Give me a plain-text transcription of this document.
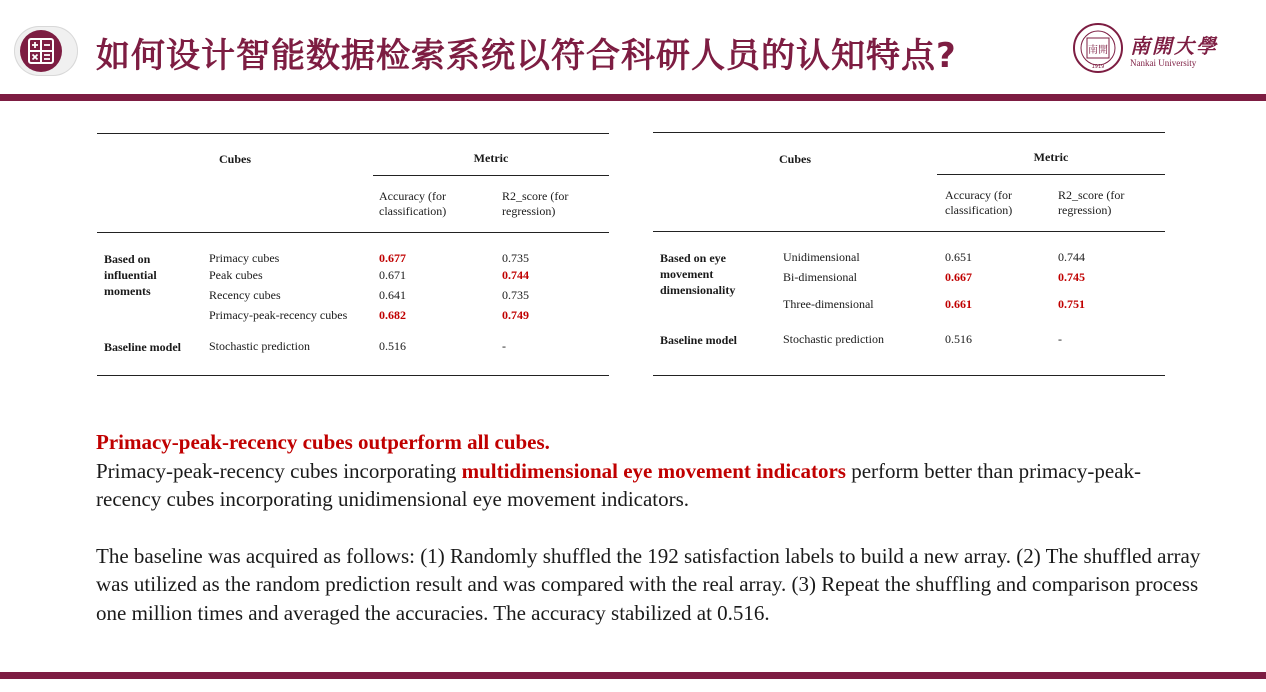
如何设计智能数据检索系统以符合科研人员的认知特点?	南開
1919
南開大學
Nankai University
Cubes		Metric	
		Accuracy (for classification)	R2_score (for regression)
Based on influential moments	Primacy cubes	0.677	0.735
	Peak cubes	0.671	0.744
	Recency cubes	0.641	0.735
	Primacy-peak-recency cubes	0.682	0.749
Baseline model	Stochastic prediction	0.516	-
Cubes		Metric	
		Accuracy (for classification)	R2_score (for regression)
Based on eye movement dimensionality	Unidimensional	0.651	0.744
	Bi-dimensional	0.667	0.745
	Three-dimensional	0.661	0.751
Baseline model	Stochastic prediction	0.516	-

Primacy-peak-recency cubes outperform all cubes.

Primacy-peak-recency cubes incorporating multidimensional eye movement indicators perform better than primacy-peak-recency cubes incorporating unidimensional eye movement indicators.

The baseline was acquired as follows: (1) Randomly shuffled the 192 satisfaction labels to build a new array. (2) The shuffled array was utilized as the random prediction result and was compared with the real array. (3) Repeat the shuffling and comparison process one million times and averaged the accuracies. The accuracy stabilized at 0.516.
